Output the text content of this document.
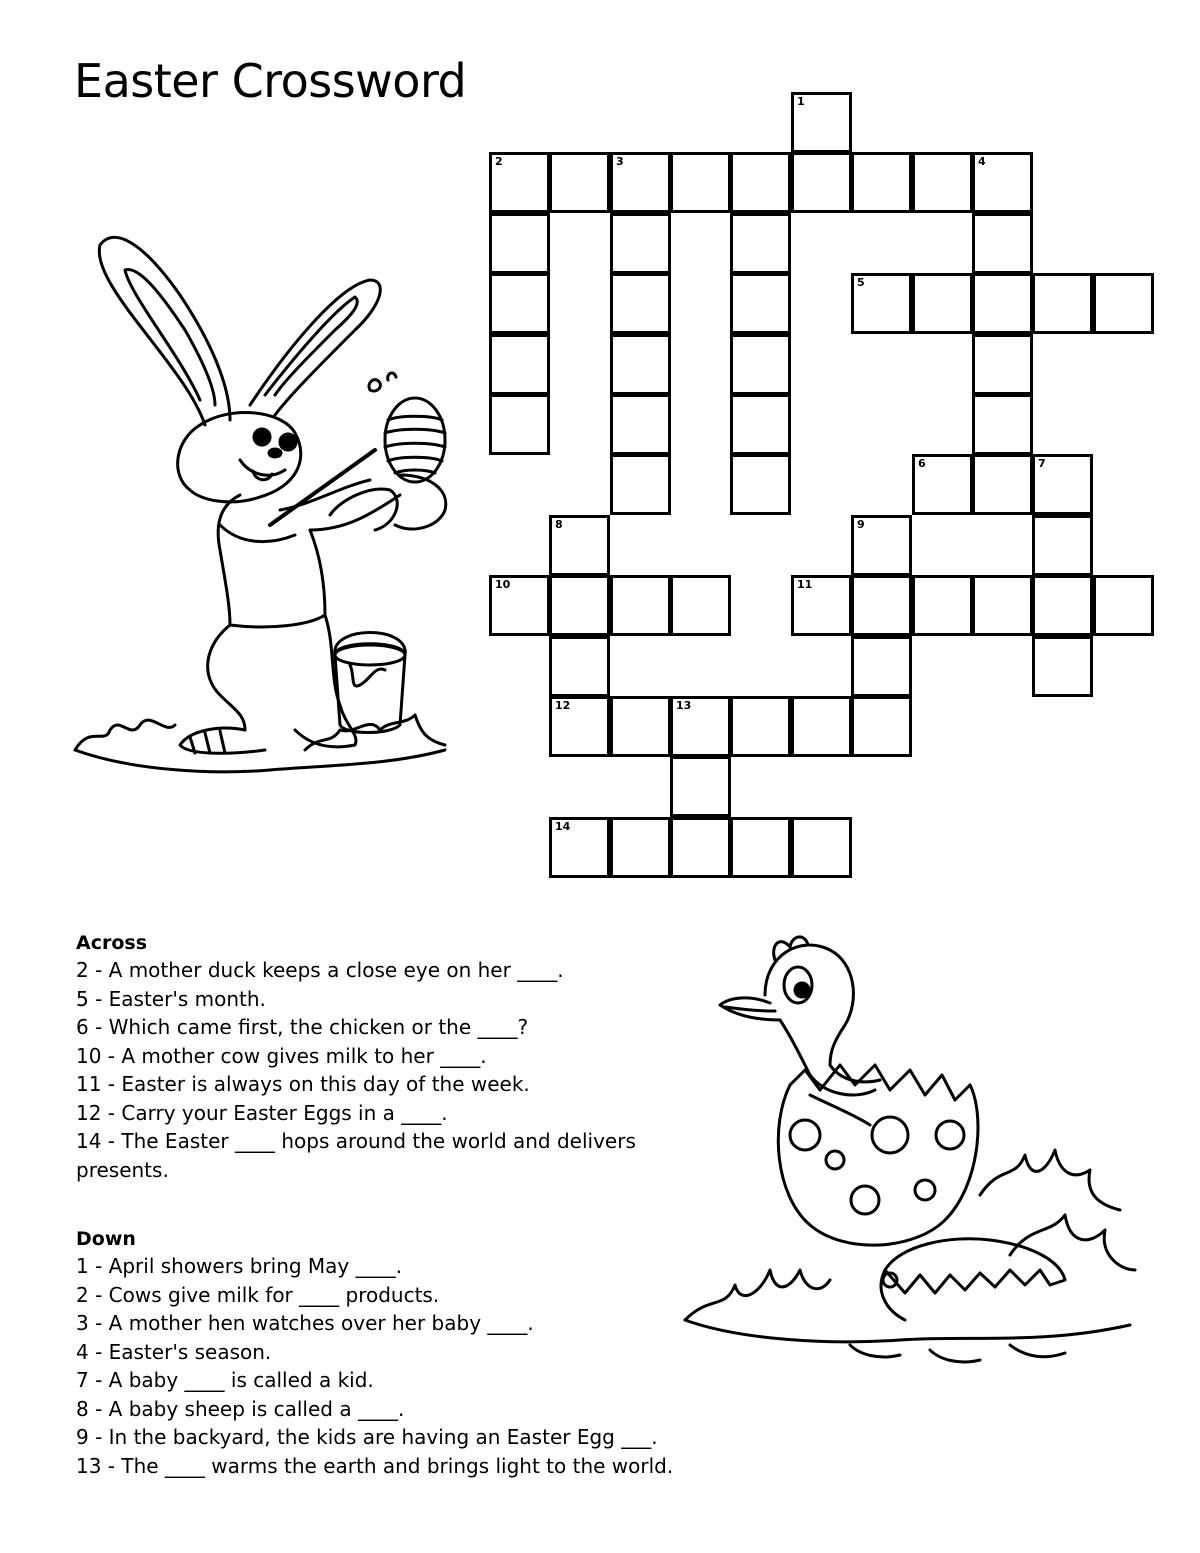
Easter Crossword	1
2	3	4
5
6	7
8	9
10	11
12	13
14
Across
2 - A mother duck keeps a close eye on her ____.
5 - Easter's month.
6 - Which came first, the chicken or the ____?
10 - A mother cow gives milk to her ____.
11 - Easter is always on this day of the week.
12 - Carry your Easter Eggs in a ____.
14 - The Easter ____ hops around the world and delivers presents.
Down
1 - April showers bring May ____.
2 - Cows give milk for ____ products.
3 - A mother hen watches over her baby ____.
4 - Easter's season.
7 - A baby ____ is called a kid.
8 - A baby sheep is called a ____.
9 - In the backyard, the kids are having an Easter Egg ___.
13 - The ____ warms the earth and brings light to the world.
